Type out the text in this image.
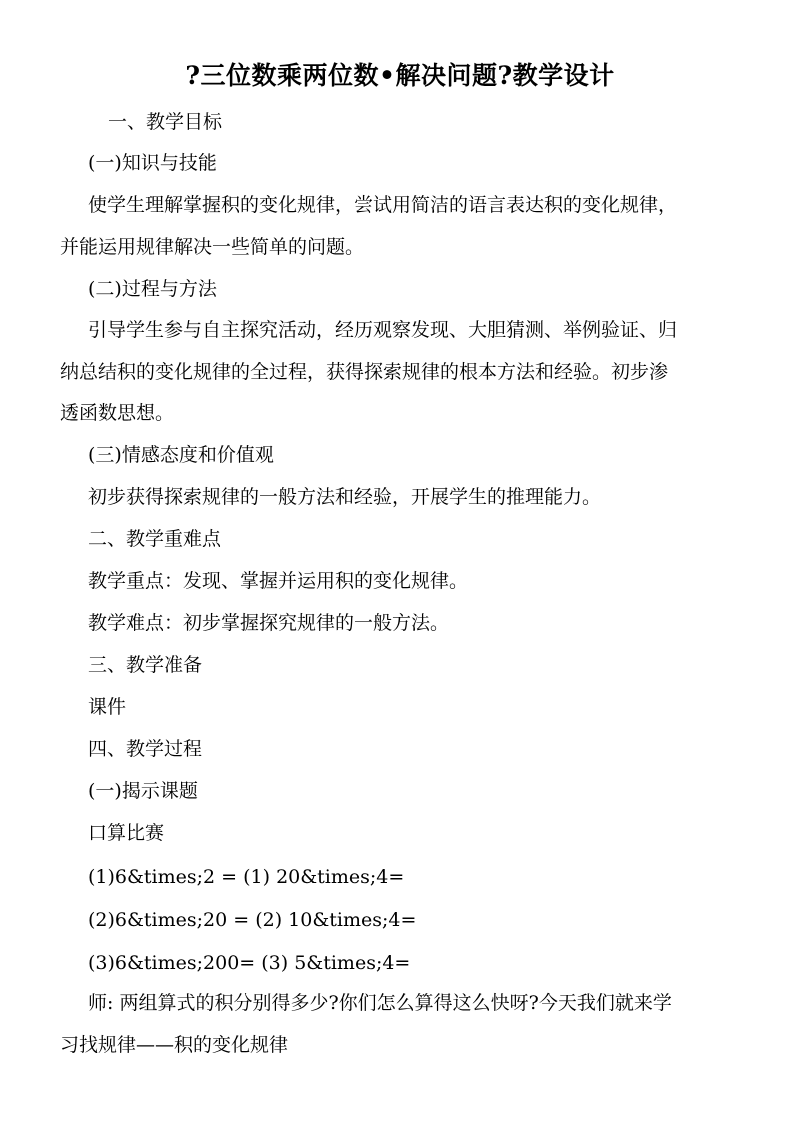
?三位数乘两位数•解决问题?教学设计
一、教学目标
(一)知识与技能
使学生理解掌握积的变化规律，尝试用简洁的语言表达积的变化规律，
并能运用规律解决一些简单的问题。
(二)过程与方法
引导学生参与自主探究活动，经历观察发现、大胆猜测、举例验证、归
纳总结积的变化规律的全过程，获得探索规律的根本方法和经验。初步渗
透函数思想。
(三)情感态度和价值观
初步获得探索规律的一般方法和经验，开展学生的推理能力。
二、教学重难点
教学重点：发现、掌握并运用积的变化规律。
教学难点：初步掌握探究规律的一般方法。
三、教学准备
课件
四、教学过程
(一)揭示课题
口算比赛
(1)6&times;2 = (1) 20&times;4=
(2)6&times;20 = (2) 10&times;4=
(3)6&times;200= (3) 5&times;4=
师: 两组算式的积分别得多少?你们怎么算得这么快呀?今天我们就来学
习找规律——积的变化规律
